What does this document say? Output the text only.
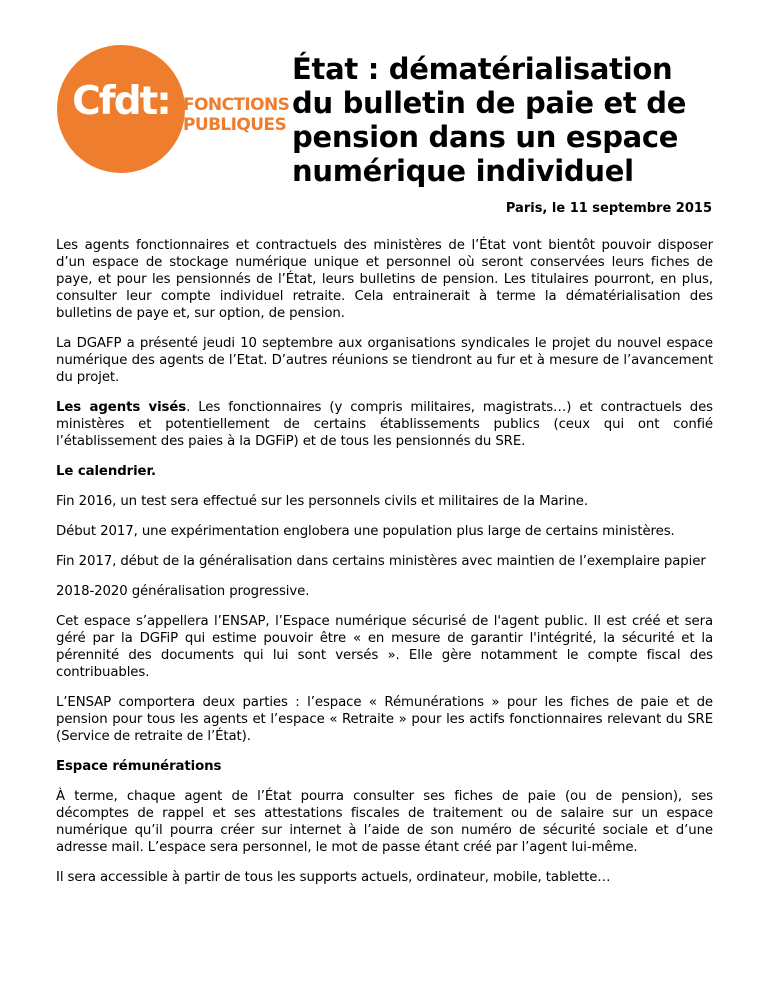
Cfdt: FONCTIONS
PUBLIQUES
État : dématérialisation
du bulletin de paie et de
pension dans un espace
numérique individuel
Paris, le 11 septembre 2015

Les agents fonctionnaires et contractuels des ministères de l’État vont bientôt pouvoir disposer d’un espace de stockage numérique unique et personnel où seront conservées leurs fiches de paye, et pour les pensionnés de l’État, leurs bulletins de pension. Les titulaires pourront, en plus, consulter leur compte individuel retraite. Cela entrainerait à terme la dématérialisation des bulletins de paye et, sur option, de pension.

La DGAFP a présenté jeudi 10 septembre aux organisations syndicales le projet du nouvel espace numérique des agents de l’Etat. D’autres réunions se tiendront au fur et à mesure de l’avancement du projet.

Les agents visés. Les fonctionnaires (y compris militaires, magistrats…) et contractuels des ministères et potentiellement de certains établissements publics (ceux qui ont confié l’établissement des paies à la DGFiP) et de tous les pensionnés du SRE.

Le calendrier.

Fin 2016, un test sera effectué sur les personnels civils et militaires de la Marine.

Début 2017, une expérimentation englobera une population plus large de certains ministères.

Fin 2017, début de la généralisation dans certains ministères avec maintien de l’exemplaire papier

2018-2020 généralisation progressive.

Cet espace s’appellera l’ENSAP, l’Espace numérique sécurisé de l'agent public. Il est créé et sera géré par la DGFiP qui estime pouvoir être « en mesure de garantir l'intégrité, la sécurité et la pérennité des documents qui lui sont versés ». Elle gère notamment le compte fiscal des contribuables.

L’ENSAP comportera deux parties : l’espace « Rémunérations » pour les fiches de paie et de pension pour tous les agents et l’espace « Retraite » pour les actifs fonctionnaires relevant du SRE (Service de retraite de l’État).

Espace rémunérations

À terme, chaque agent de l’État pourra consulter ses fiches de paie (ou de pension), ses décomptes de rappel et ses attestations fiscales de traitement ou de salaire sur un espace numérique qu’il pourra créer sur internet à l’aide de son numéro de sécurité sociale et d’une adresse mail. L’espace sera personnel, le mot de passe étant créé par l’agent lui-même.

Il sera accessible à partir de tous les supports actuels, ordinateur, mobile, tablette…
